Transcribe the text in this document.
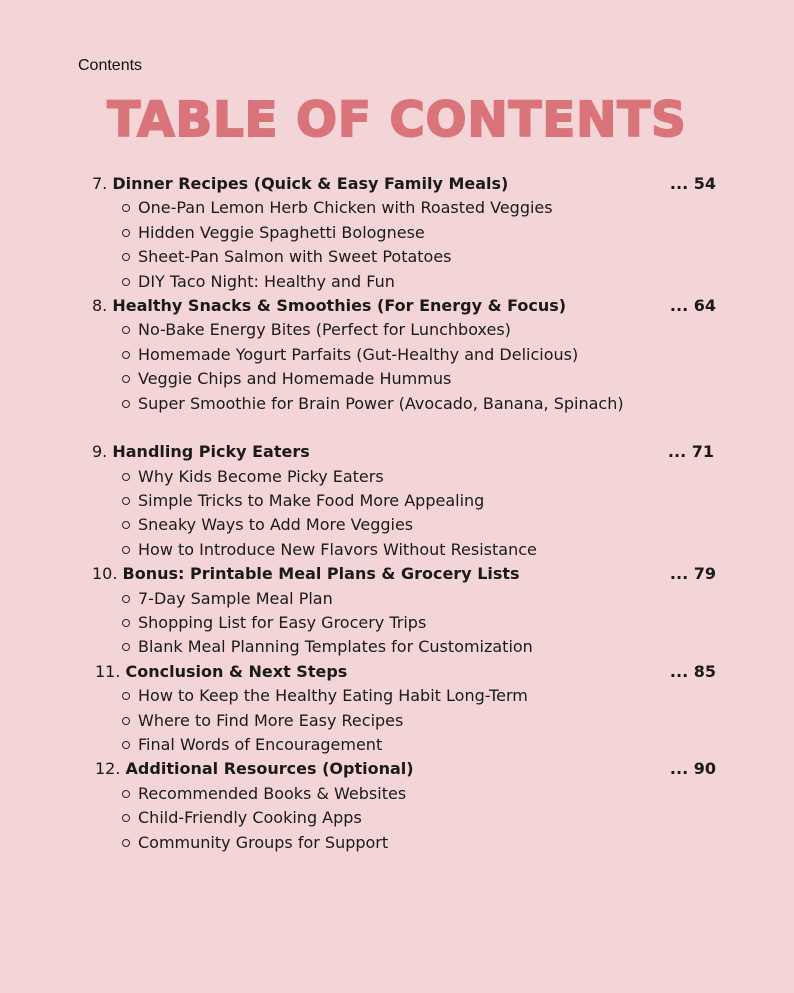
Contents
TABLE OF CONTENTS
7. Dinner Recipes (Quick & Easy Family Meals)	... 54
One-Pan Lemon Herb Chicken with Roasted Veggies
Hidden Veggie Spaghetti Bolognese
Sheet-Pan Salmon with Sweet Potatoes
DIY Taco Night: Healthy and Fun
8. Healthy Snacks & Smoothies (For Energy & Focus)	... 64
No-Bake Energy Bites (Perfect for Lunchboxes)
Homemade Yogurt Parfaits (Gut-Healthy and Delicious)
Veggie Chips and Homemade Hummus
Super Smoothie for Brain Power (Avocado, Banana, Spinach)
9. Handling Picky Eaters	... 71
Why Kids Become Picky Eaters
Simple Tricks to Make Food More Appealing
Sneaky Ways to Add More Veggies
How to Introduce New Flavors Without Resistance
10. Bonus: Printable Meal Plans & Grocery Lists	... 79
7-Day Sample Meal Plan
Shopping List for Easy Grocery Trips
Blank Meal Planning Templates for Customization
11. Conclusion & Next Steps	... 85
How to Keep the Healthy Eating Habit Long-Term
Where to Find More Easy Recipes
Final Words of Encouragement
12. Additional Resources (Optional)	... 90
Recommended Books & Websites
Child-Friendly Cooking Apps
Community Groups for Support
